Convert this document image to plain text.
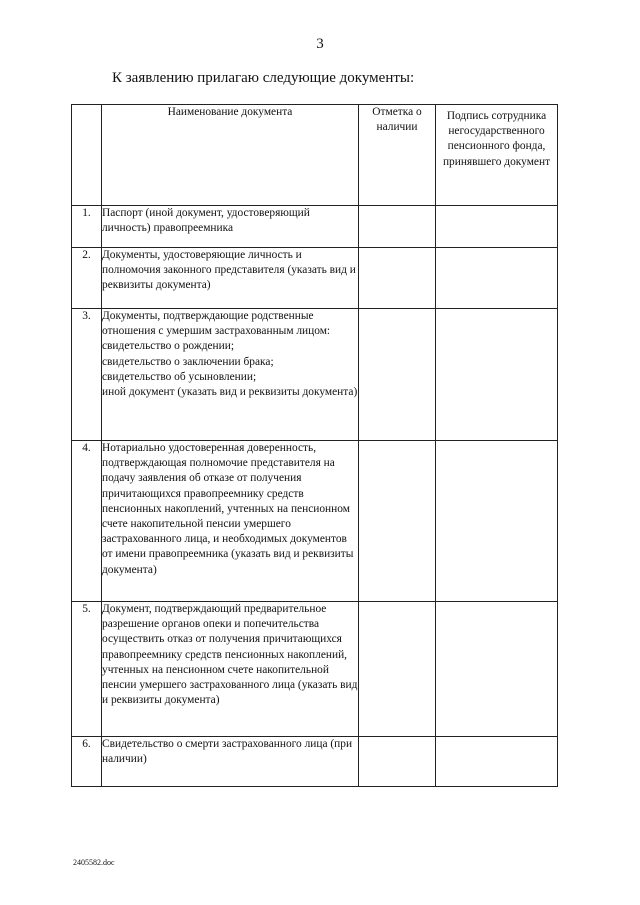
3
К заявлению прилагаю следующие документы:
	Наименование документа	Отметка о наличии	Подпись сотрудника негосударственного пенсионного фонда, принявшего документ
1.	Паспорт (иной документ, удостоверяющий личность) правопреемника		
2.	Документы, удостоверяющие личность и полномочия законного представителя (указать вид и реквизиты документа)		
3.	Документы, подтверждающие родственные отношения с умершим застрахованным лицом:
свидетельство о рождении;
свидетельство о заключении брака;
свидетельство об усыновлении;
иной документ (указать вид и реквизиты документа)		
4.	Нотариально удостоверенная доверенность, подтверждающая полномочие представителя на подачу заявления об отказе от получения причитающихся правопреемнику средств пенсионных накоплений, учтенных на пенсионном счете накопительной пенсии умершего застрахованного лица, и необходимых документов от имени правопреемника (указать вид и реквизиты документа)		
5.	Документ, подтверждающий предварительное разрешение органов опеки и попечительства осуществить отказ от получения причитающихся правопреемнику средств пенсионных накоплений, учтенных на пенсионном счете накопительной пенсии умершего застрахованного лица (указать вид и реквизиты документа)		
6.	Свидетельство о смерти застрахованного лица (при наличии)		
2405582.doc
